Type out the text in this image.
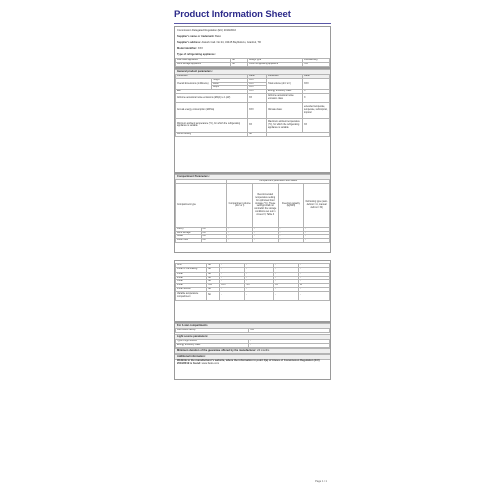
Product Information Sheet
Commission Delegated Regulation (EU) 2019/2016
Supplier's name or trademark: Beko
Supplier's address: Ataturk Cad. No:24, 34445 Beylikduzu, Istanbul, TR
Model identifier: XXX
Type of refrigerating appliance:
Low-noise appliance	No	Design type	Freestanding
Wine storage appliance	No	Other refrigerating appliance	Yes
General product parameters:
Parameter		Value	Parameter	Value
Overall dimensions (millimetre)	Height	XXX	Total volume (dm³ or l)	XXX
	Width	XXX		
	Depth	XXX		
EEI		XXX	Energy efficiency class	X
Airborne acoustical noise emissions (dB(A) re 1 pW)		XX	Airborne acoustical noise emission class	X
Annual energy consumption (kWh/a)		XXX	Climate class:	extended temperate, temperate, subtropical, tropical
Minimum ambient temperature (°C), for which the refrigerating appliance is suitable		XX	Maximum ambient temperature (°C), for which the refrigerating appliance is suitable	XX
Winter setting		No		
Compartment Parameters:
		Compartment parameters and values			
Compartment type		Compartment volume (dm³ or l)	Recommended temperature setting for optimised food storage (°C). These settings shall not contradict the storage conditions set out in Annex IV, Table 3	Freezing capacity (kg/24h)	Defrosting type (auto-defrost = A, manual defrost = M)
Pantry	No	-	-	-	-
Wine storage	No	-	-	-	-
Cellar	No	-	-	-	-
Fresh food	No	-	-	-	-
Chill	No	-	-	-	-
0-star or ice-making	No	-	-	-	-
1-star	No	-	-	-	-
2-star	No	-	-	-	-
3-star	No	-	-	-	-
4-star	Yes	XXX	-XX	XX	M
2-star section	No	-	-	-	-
Variable temperature compartment	No	-	-	-	-
For 4-star compartments
Fast freeze facility	Yes
Light source parameters:
Type of light source	-
Energy efficiency class	-
Minimum duration of the guarantee offered by the manufacturer: 24 months
Additional information:
Weblink to the manufacturer's website, where the information in point 4(a) of Annex of Commission Regulation (EU) 2019/2019 is found: www.beko.com
Page 1 / 1
